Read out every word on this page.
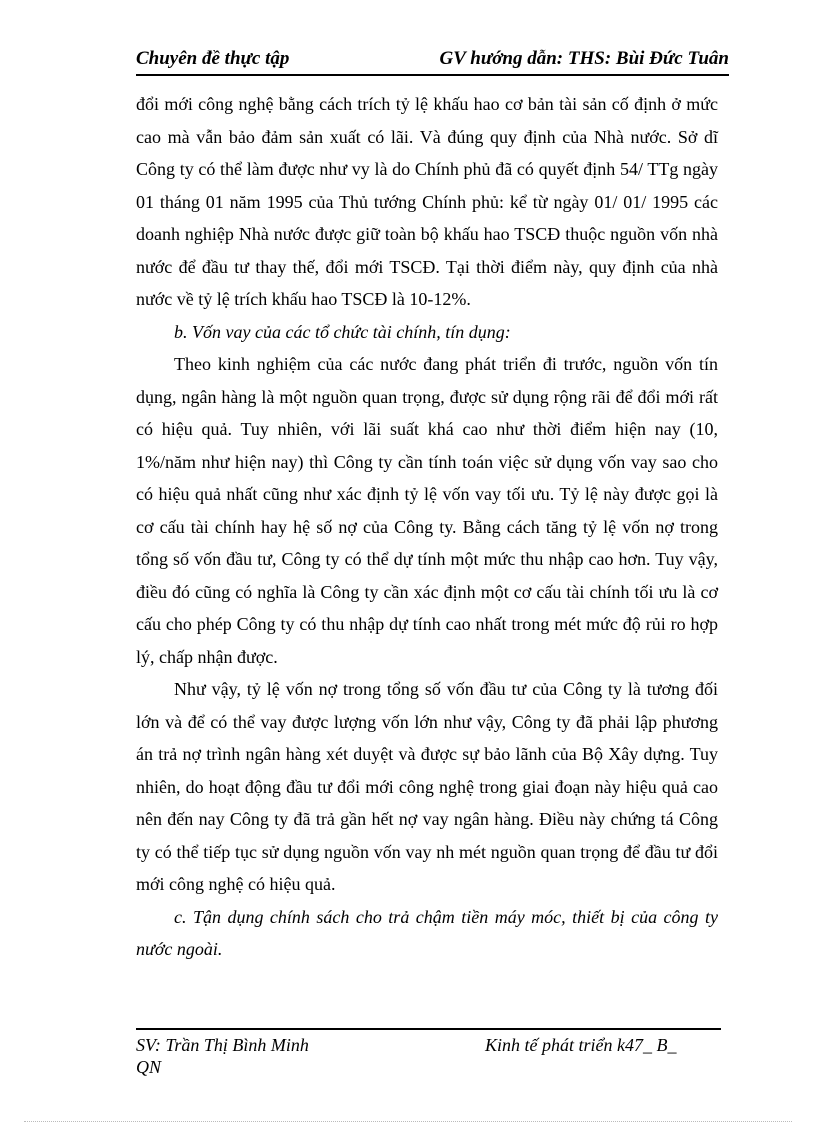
Chuyên đề thực tập	GV hướng dẫn: THS: Bùi Đức Tuân

đổi mới công nghệ bằng cách trích tỷ lệ khấu hao cơ bản tài sản cố định ở mức cao mà vẫn bảo đảm sản xuất có lãi. Và đúng quy định của Nhà nước. Sở dĩ Công ty có thể làm được như vy là do Chính phủ đã có quyết định 54/ TTg ngày 01 tháng 01 năm 1995 của Thủ tướng Chính phủ: kể từ ngày 01/ 01/ 1995 các doanh nghiệp Nhà nước được giữ toàn bộ khấu hao TSCĐ thuộc nguồn vốn nhà nước để đầu tư thay thế, đổi mới TSCĐ. Tại thời điểm này, quy định của nhà nước về tỷ lệ trích khấu hao TSCĐ là 10-12%.

b. Vốn vay của các tổ chức tài chính, tín dụng:

Theo kinh nghiệm của các nước đang phát triển đi trước, nguồn vốn tín dụng, ngân hàng là một nguồn quan trọng, được sử dụng rộng rãi để đổi mới rất có hiệu quả. Tuy nhiên, với lãi suất khá cao như thời điểm hiện nay (10, 1%/năm như hiện nay) thì Công ty cần tính toán việc sử dụng vốn vay sao cho có hiệu quả nhất cũng như xác định tỷ lệ vốn vay tối ưu. Tỷ lệ này được gọi là cơ cấu tài chính hay hệ số nợ của Công ty. Bằng cách tăng tỷ lệ vốn nợ trong tổng số vốn đầu tư, Công ty có thể dự tính một mức thu nhập cao hơn. Tuy vậy, điều đó cũng có nghĩa là Công ty cần xác định một cơ cấu tài chính tối ưu là cơ cấu cho phép Công ty có thu nhập dự tính cao nhất trong mét mức độ rủi ro hợp lý, chấp nhận được.

Như vậy, tỷ lệ vốn nợ trong tổng số vốn đầu tư của Công ty là tương đối lớn và để có thể vay được lượng vốn lớn như vậy, Công ty đã phải lập phương án trả nợ trình ngân hàng xét duyệt và được sự bảo lãnh của Bộ Xây dựng. Tuy nhiên, do hoạt động đầu tư đổi mới công nghệ trong giai đoạn này hiệu quả cao nên đến nay Công ty đã trả gần hết nợ vay ngân hàng. Điều này chứng tá Công ty có thể tiếp tục sử dụng nguồn vốn vay nh mét nguồn quan trọng để đầu tư đổi mới công nghệ có hiệu quả.

c. Tận dụng chính sách cho trả chậm tiền máy móc, thiết bị của công ty nước ngoài.

SV: Trần Thị Bình Minh	Kinh tế phát triển k47_ B_
QN
